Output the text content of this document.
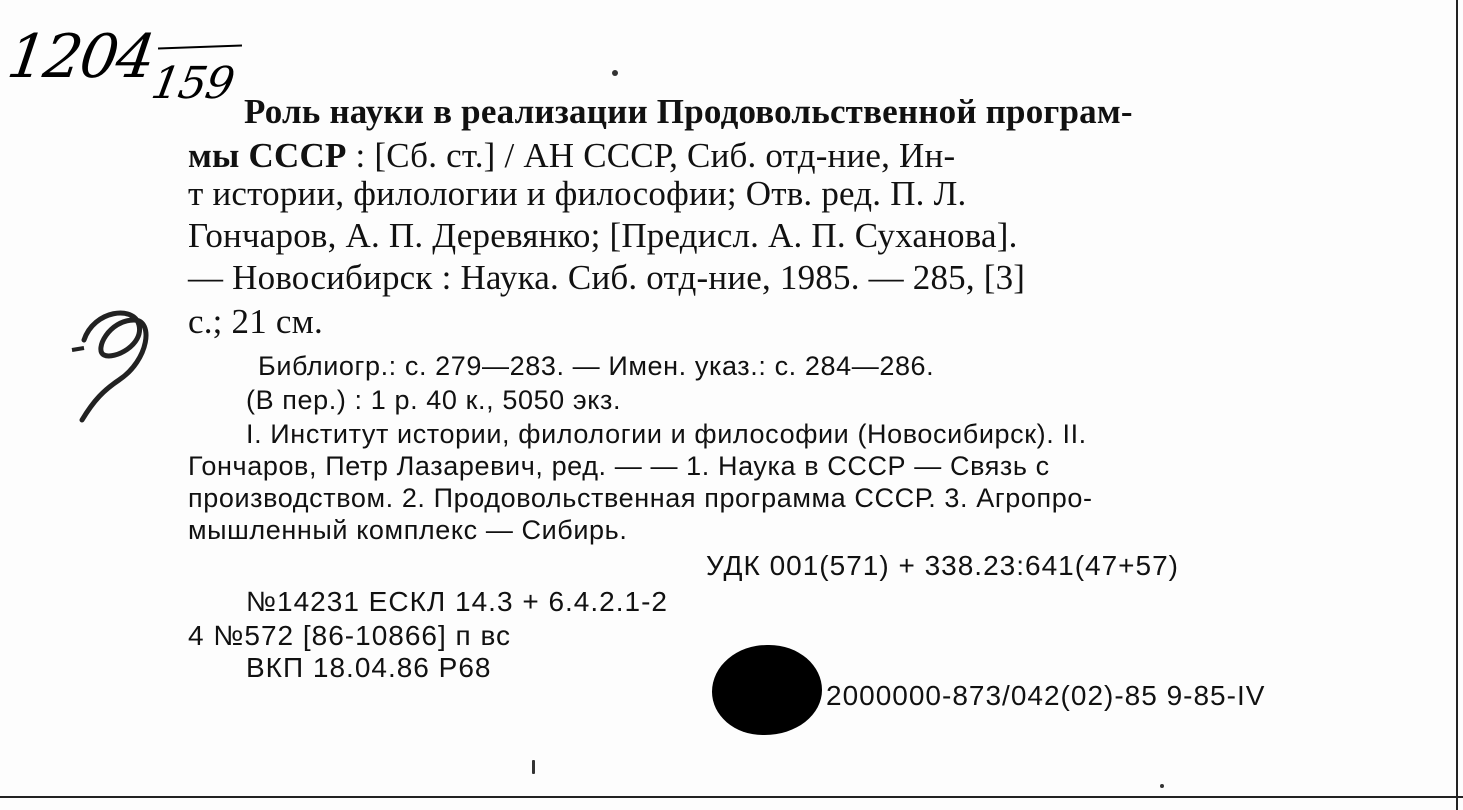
1204
159
Роль науки в реализации Продовольственной програм-
мы СССР : [Сб. ст.] / АН СССР, Сиб. отд-ние, Ин-
т истории, филологии и философии; Отв. ред. П. Л.
Гончаров, А. П. Деревянко; [Предисл. А. П. Суханова].
— Новосибирск : Наука. Сиб. отд-ние, 1985. — 285, [3]
с.; 21 см.
Библиогр.: с. 279—283. — Имен. указ.: с. 284—286.
(В пер.) : 1 р. 40 к., 5050 экз.
I. Институт истории, филологии и философии (Новосибирск). II.
Гончаров, Петр Лазаревич, ред. — — 1. Наука в СССР — Связь с
производством. 2. Продовольственная программа СССР. 3. Агропро-
мышленный комплекс — Сибирь.
УДК 001(571) + 338.23:641(47+57)
№14231 ЕСКЛ 14.3 + 6.4.2.1-2
4 №572 [86-10866] п вс
ВКП 18.04.86 Р68
2000000-873/042(02)-85 9-85-IV
